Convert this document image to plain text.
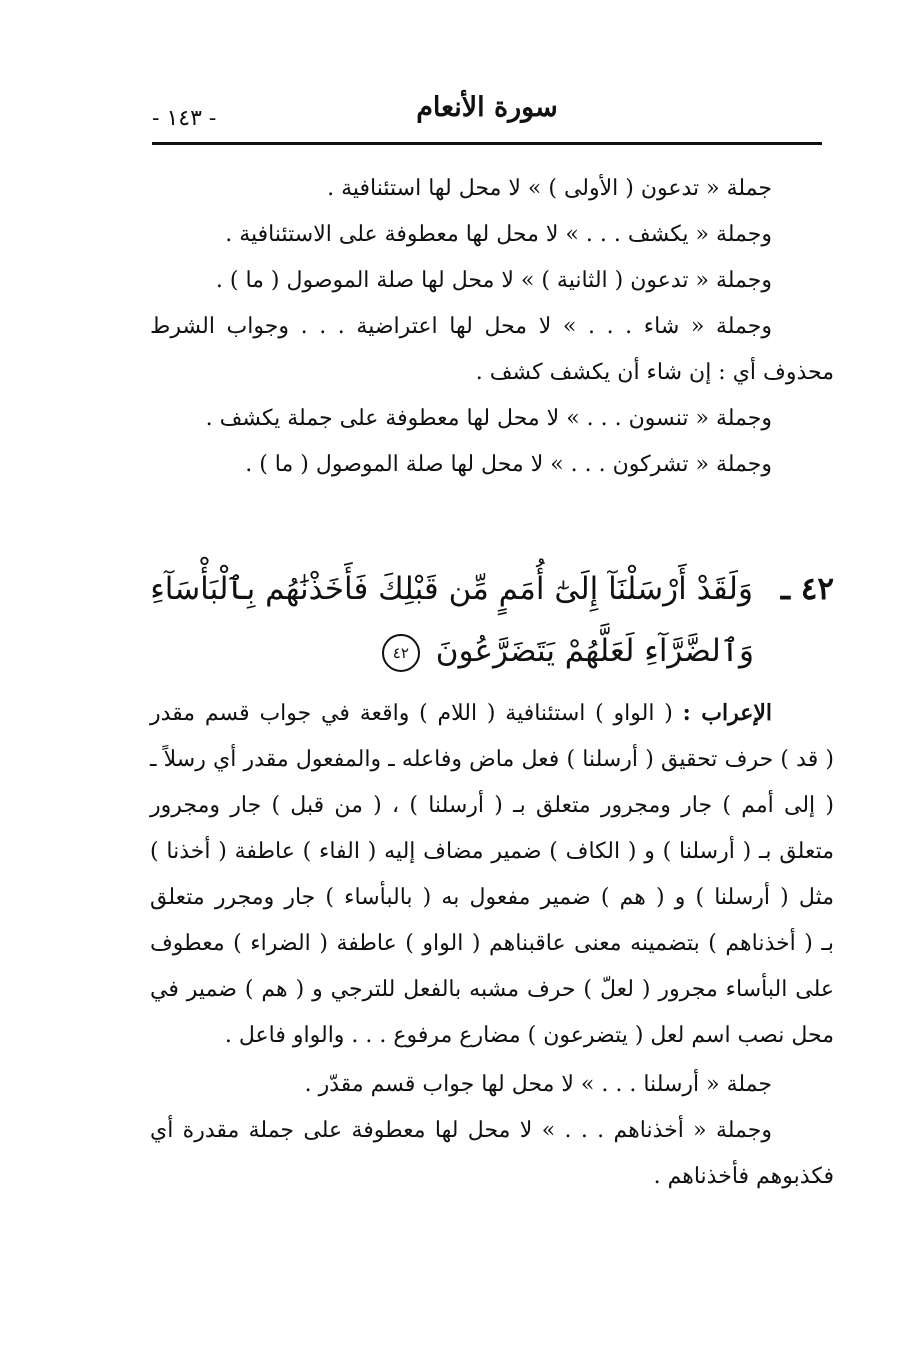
سورة الأنعام
- ١٤٣ -
جملة « تدعون ( الأولى ) » لا محل لها استئنافية .
وجملة « يكشف . . . » لا محل لها معطوفة على الاستئنافية .
وجملة « تدعون ( الثانية ) » لا محل لها صلة الموصول ( ما ) .
وجملة « شاء . . . » لا محل لها اعتراضية . . . وجواب الشرط
محذوف أي : إن شاء أن يكشف كشف .
وجملة « تنسون . . . » لا محل لها معطوفة على جملة يكشف .
وجملة « تشركون . . . » لا محل لها صلة الموصول ( ما ) .
٤٢ ـ وَلَقَدْ أَرْسَلْنَآ إِلَىٰٓ أُمَمٍ مِّن قَبْلِكَ فَأَخَذْنَٰهُم بِٱلْبَأْسَآءِ
وَٱلضَّرَّآءِ لَعَلَّهُمْ يَتَضَرَّعُونَ ٤٢
الإعراب : ( الواو ) استئنافية ( اللام ) واقعة في جواب قسم مقدر
( قد ) حرف تحقيق ( أرسلنا ) فعل ماض وفاعله ـ والمفعول مقدر أي رسلاً ـ
( إلى أمم ) جار ومجرور متعلق بـ ( أرسلنا ) ، ( من قبل ) جار ومجرور
متعلق بـ ( أرسلنا ) و ( الكاف ) ضمير مضاف إليه ( الفاء ) عاطفة ( أخذنا )
مثل ( أرسلنا ) و ( هم ) ضمير مفعول به ( بالبأساء ) جار ومجرر متعلق
بـ ( أخذناهم ) بتضمينه معنى عاقبناهم ( الواو ) عاطفة ( الضراء ) معطوف
على البأساء مجرور ( لعلّ ) حرف مشبه بالفعل للترجي و ( هم ) ضمير في
محل نصب اسم لعل ( يتضرعون ) مضارع مرفوع . . . والواو فاعل .
جملة « أرسلنا . . . » لا محل لها جواب قسم مقدّر .
وجملة « أخذناهم . . . » لا محل لها معطوفة على جملة مقدرة أي
فكذبوهم فأخذناهم .
